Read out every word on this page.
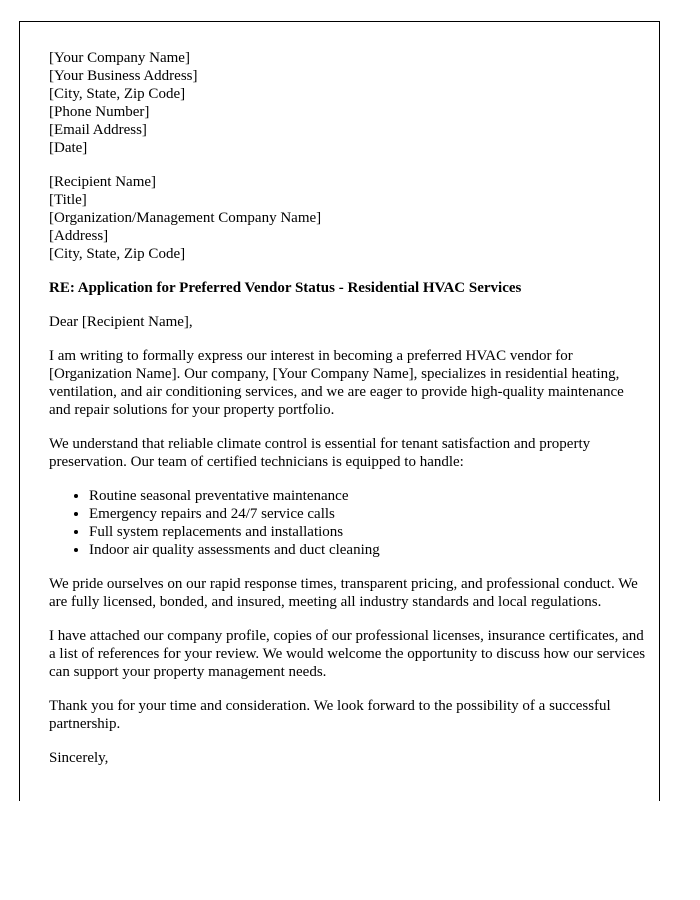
[Your Company Name]
[Your Business Address]
[City, State, Zip Code]
[Phone Number]
[Email Address]
[Date]
[Recipient Name]
[Title]
[Organization/Management Company Name]
[Address]
[City, State, Zip Code]
RE: Application for Preferred Vendor Status - Residential HVAC Services

Dear [Recipient Name],

I am writing to formally express our interest in becoming a preferred HVAC vendor for [Organization Name]. Our company, [Your Company Name], specializes in residential heating, ventilation, and air conditioning services, and we are eager to provide high-quality maintenance and repair solutions for your property portfolio.

We understand that reliable climate control is essential for tenant satisfaction and property preservation. Our team of certified technicians is equipped to handle:

• Routine seasonal preventative maintenance
• Emergency repairs and 24/7 service calls
• Full system replacements and installations
• Indoor air quality assessments and duct cleaning

We pride ourselves on our rapid response times, transparent pricing, and professional conduct. We are fully licensed, bonded, and insured, meeting all industry standards and local regulations.

I have attached our company profile, copies of our professional licenses, insurance certificates, and a list of references for your review. We would welcome the opportunity to discuss how our services can support your property management needs.

Thank you for your time and consideration. We look forward to the possibility of a successful partnership.

Sincerely,
